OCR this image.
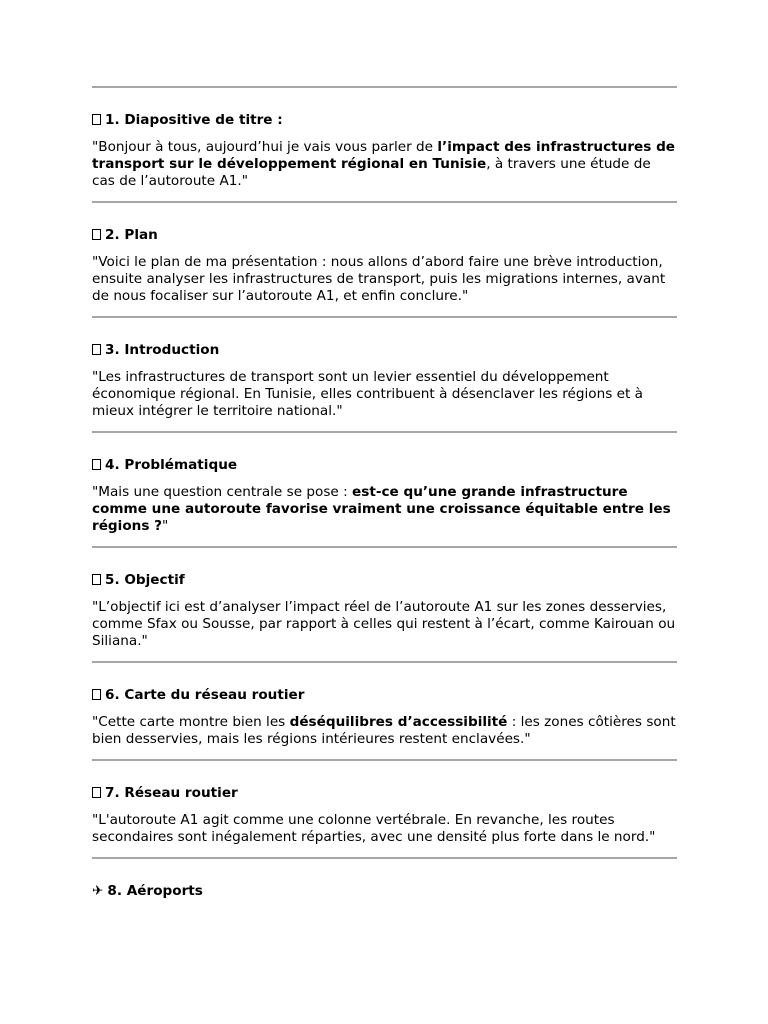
1. Diapositive de titre :
"Bonjour à tous, aujourd’hui je vais vous parler de l’impact des infrastructures de transport sur le développement régional en Tunisie, à travers une étude de cas de l’autoroute A1."
2. Plan
"Voici le plan de ma présentation : nous allons d’abord faire une brève introduction, ensuite analyser les infrastructures de transport, puis les migrations internes, avant de nous focaliser sur l’autoroute A1, et enfin conclure."
3. Introduction
"Les infrastructures de transport sont un levier essentiel du développement économique régional. En Tunisie, elles contribuent à désenclaver les régions et à mieux intégrer le territoire national."
4. Problématique
"Mais une question centrale se pose : est-ce qu’une grande infrastructure comme une autoroute favorise vraiment une croissance équitable entre les régions ?"
5. Objectif
"L’objectif ici est d’analyser l’impact réel de l’autoroute A1 sur les zones desservies, comme Sfax ou Sousse, par rapport à celles qui restent à l’écart, comme Kairouan ou Siliana."
6. Carte du réseau routier
"Cette carte montre bien les déséquilibres d’accessibilité : les zones côtières sont bien desservies, mais les régions intérieures restent enclavées."
7. Réseau routier
"L'autoroute A1 agit comme une colonne vertébrale. En revanche, les routes secondaires sont inégalement réparties, avec une densité plus forte dans le nord."
✈ 8. Aéroports
